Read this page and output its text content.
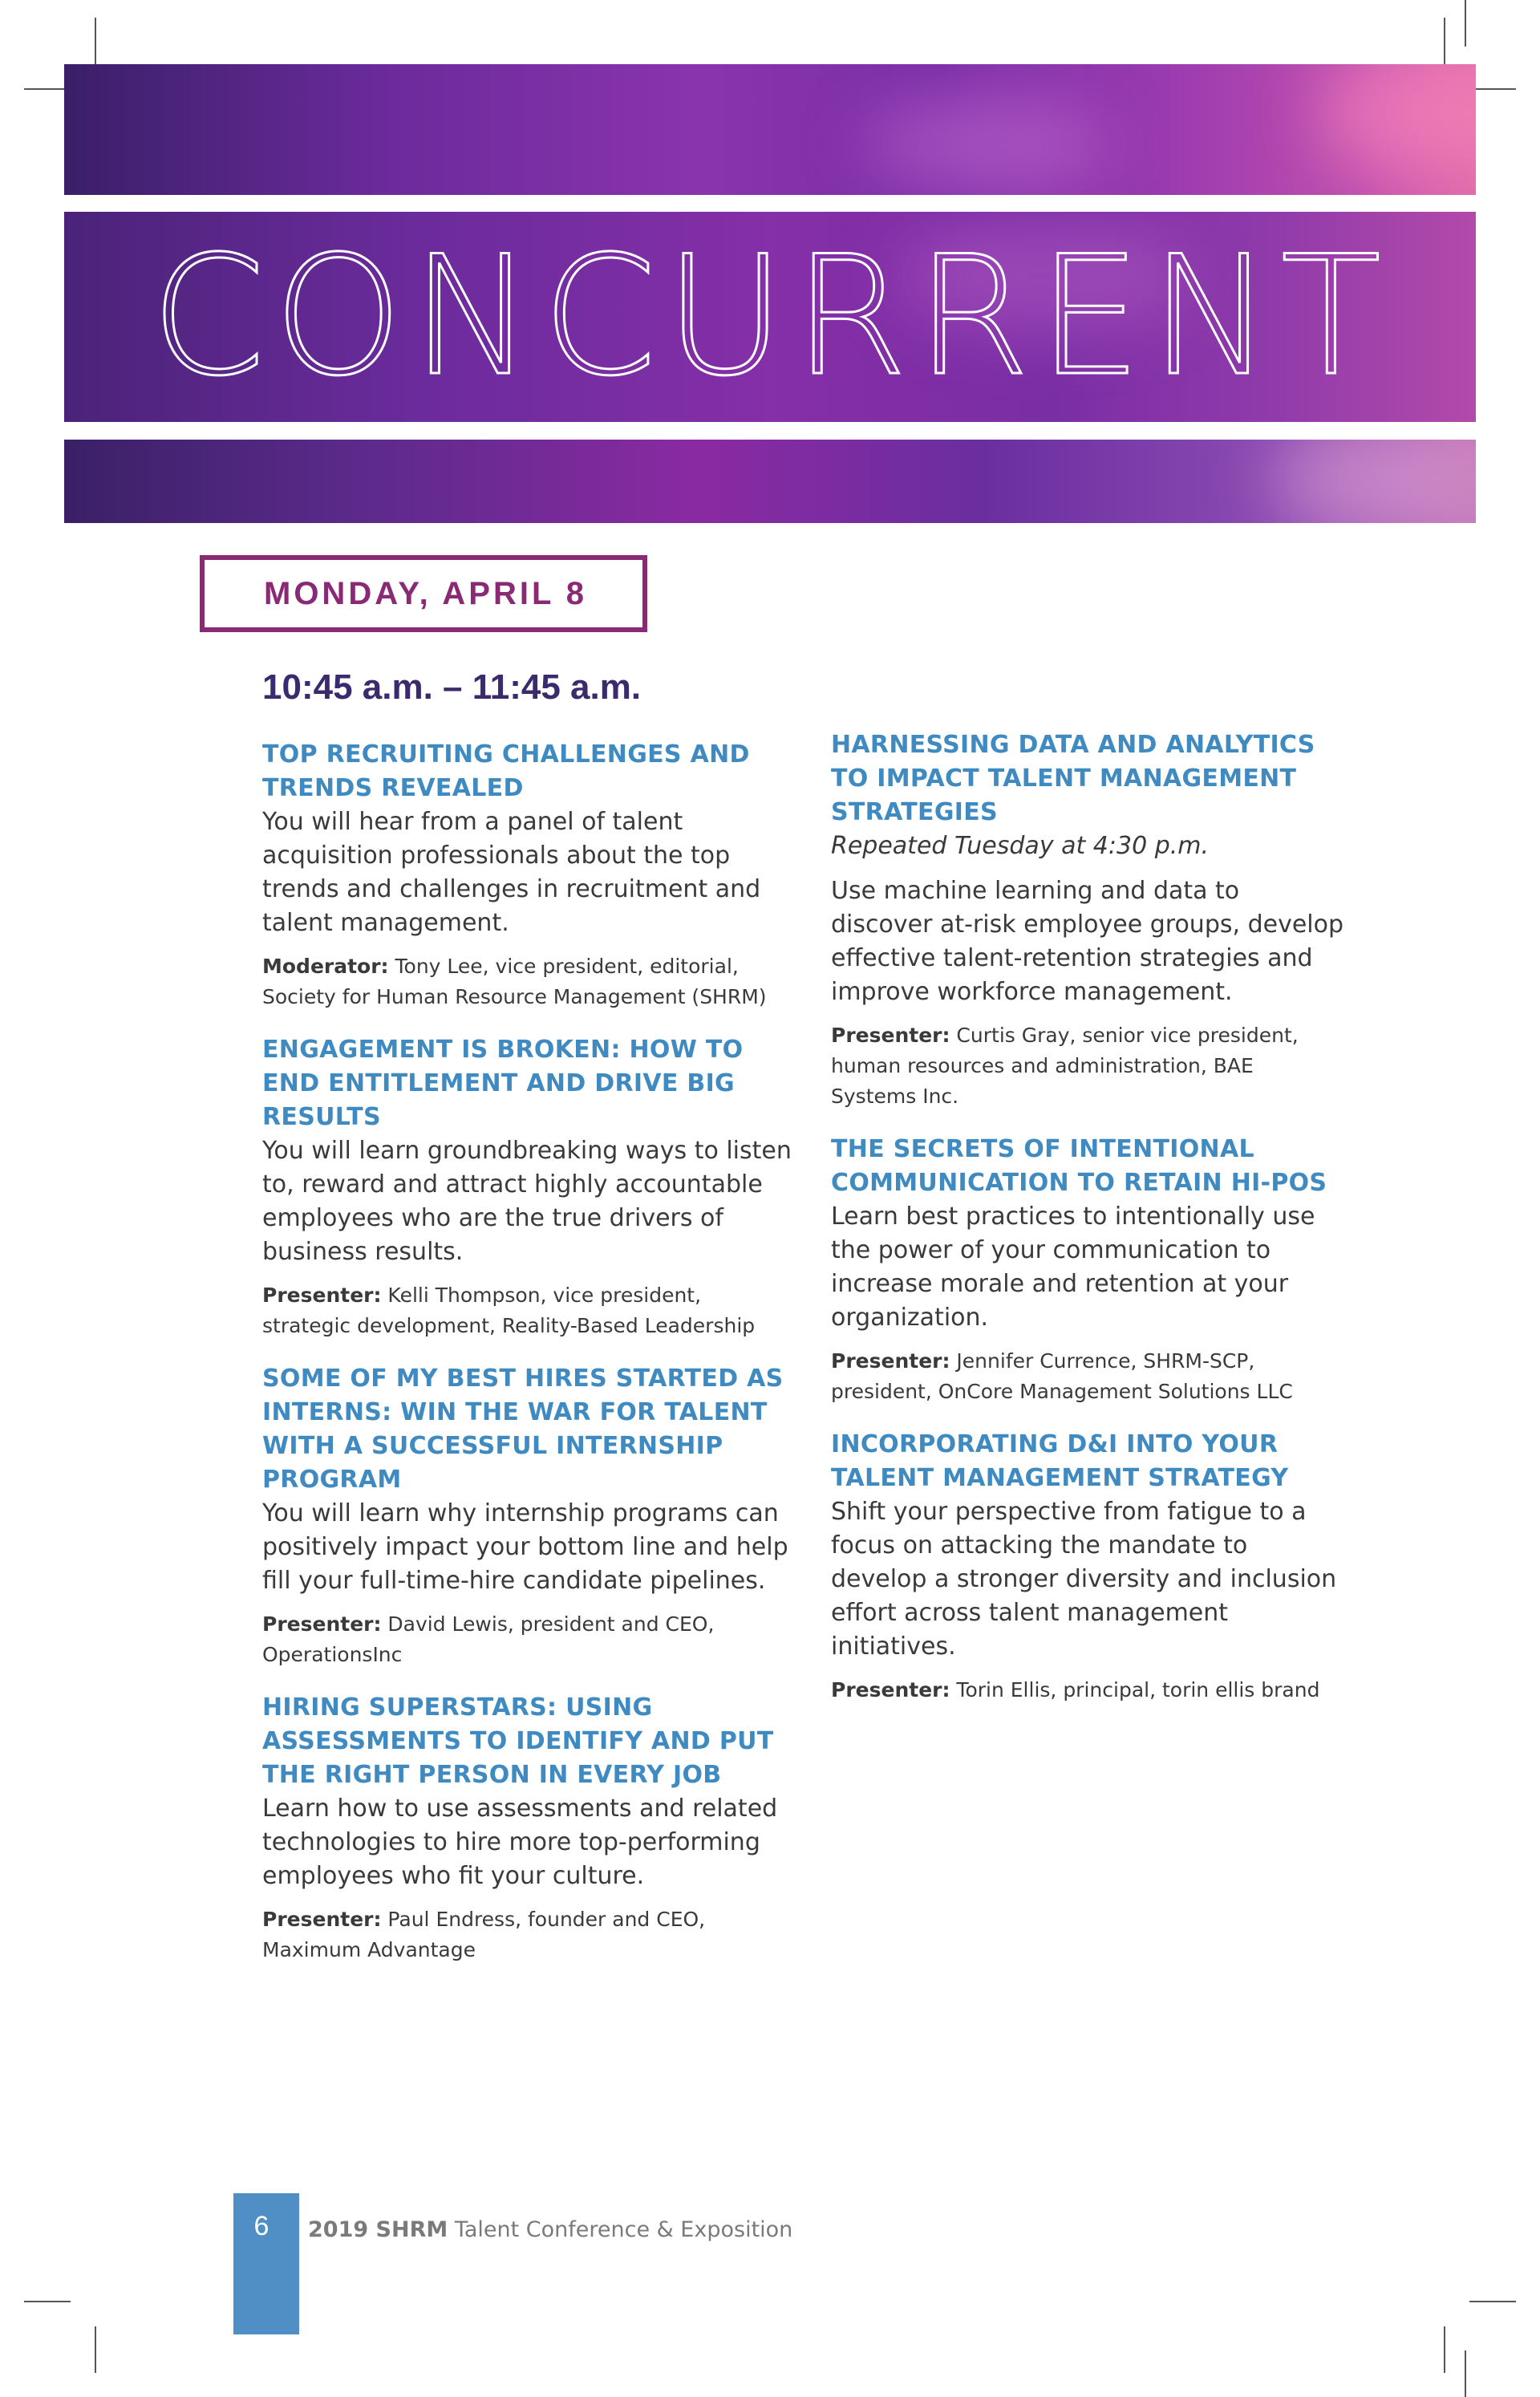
CONCURRENT
MONDAY, APRIL 8
10:45 a.m. – 11:45 a.m.
TOP RECRUITING CHALLENGES AND TRENDS REVEALED
You will hear from a panel of talent acquisition professionals about the top trends and challenges in recruitment and talent management.
Moderator: Tony Lee, vice president, editorial, Society for Human Resource Management (SHRM)
ENGAGEMENT IS BROKEN: HOW TO END ENTITLEMENT AND DRIVE BIG RESULTS
You will learn groundbreaking ways to listen to, reward and attract highly accountable employees who are the true drivers of business results.
Presenter: Kelli Thompson, vice president, strategic development, Reality-Based Leadership
SOME OF MY BEST HIRES STARTED AS INTERNS: WIN THE WAR FOR TALENT WITH A SUCCESSFUL INTERNSHIP PROGRAM
You will learn why internship programs can positively impact your bottom line and help fill your full-time-hire candidate pipelines.
Presenter: David Lewis, president and CEO, OperationsInc
HIRING SUPERSTARS: USING ASSESSMENTS TO IDENTIFY AND PUT THE RIGHT PERSON IN EVERY JOB
Learn how to use assessments and related technologies to hire more top-performing employees who fit your culture.
Presenter: Paul Endress, founder and CEO, Maximum Advantage
HARNESSING DATA AND ANALYTICS TO IMPACT TALENT MANAGEMENT STRATEGIES
Repeated Tuesday at 4:30 p.m.
Use machine learning and data to discover at-risk employee groups, develop effective talent-retention strategies and improve workforce management.
Presenter: Curtis Gray, senior vice president, human resources and administration, BAE Systems Inc.
THE SECRETS OF INTENTIONAL COMMUNICATION TO RETAIN HI-POS
Learn best practices to intentionally use the power of your communication to increase morale and retention at your organization.
Presenter: Jennifer Currence, SHRM-SCP, president, OnCore Management Solutions LLC
INCORPORATING D&I INTO YOUR TALENT MANAGEMENT STRATEGY
Shift your perspective from fatigue to a focus on attacking the mandate to develop a stronger diversity and inclusion effort across talent management initiatives.
Presenter: Torin Ellis, principal, torin ellis brand
6	2019 SHRM Talent Conference & Exposition
